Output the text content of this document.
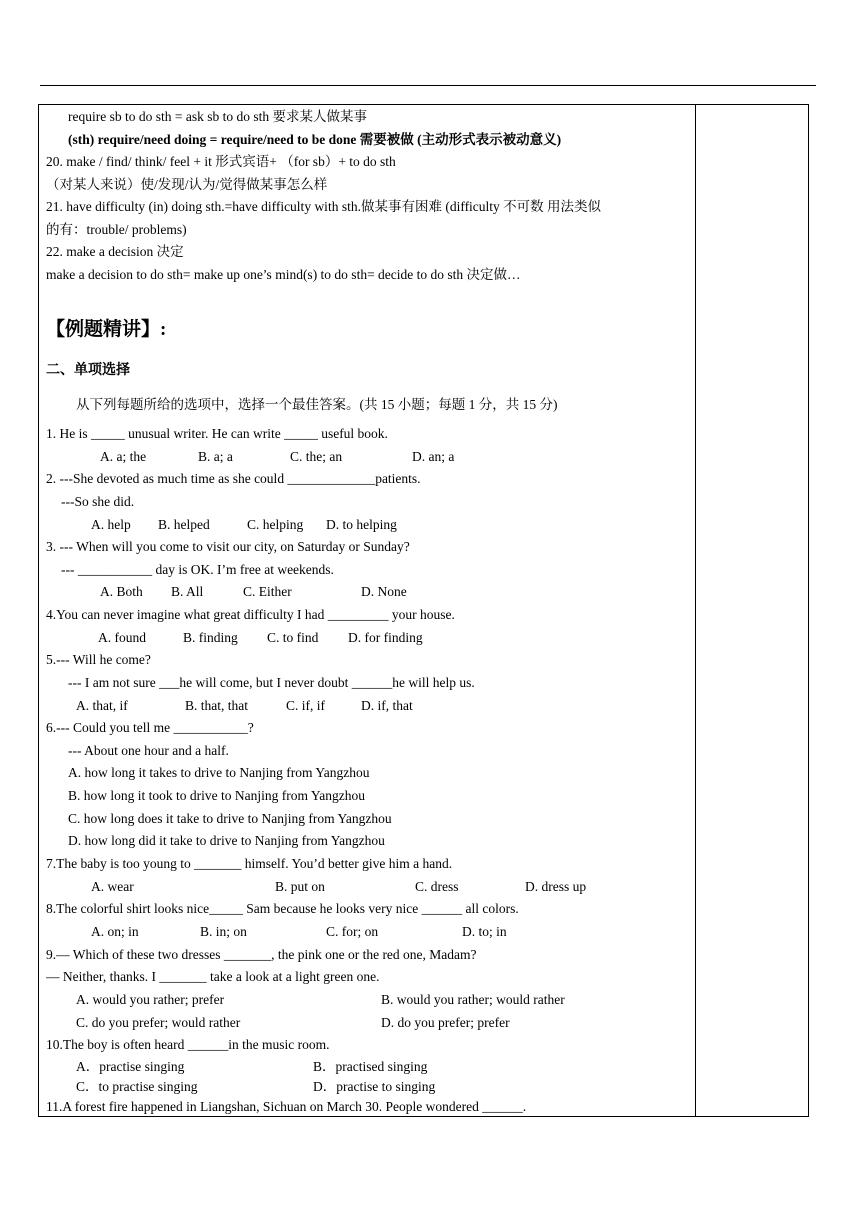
require sb to do sth = ask sb to do sth 要求某人做某事
(sth) require/need doing = require/need to be done 需要被做 (主动形式表示被动意义)
20. make / find/ think/ feel + it 形式宾语+ （for sb）+ to do sth
（对某人来说）使/发现/认为/觉得做某事怎么样
21. have difficulty (in) doing sth.=have difficulty with sth.做某事有困难 (difficulty 不可数 用法类似
的有：trouble/ problems)
22. make a decision 决定
make a decision to do sth= make up one’s mind(s) to do sth= decide to do sth 决定做…
【例题精讲】:
二、单项选择
从下列每题所给的选项中，选择一个最佳答案。(共 15 小题；每题 1 分，共 15 分)
1. He is _____ unusual writer. He can write _____ useful book.
A. a; the	B. a; a	C. the; an	D. an; a
2. ---She devoted as much time as she could _____________patients.
---So she did.
A. help B. helped	C. helping D. to helping
3. --- When will you come to visit our city, on Saturday or Sunday?
--- ___________ day is OK. I’m free at weekends.
A. Both B. All	C. Either	D. None
4.You can never imagine what great difficulty I had _________ your house.
A. found	B. finding C. to find D. for finding
5.--- Will he come?
--- I am not sure ___he will come, but I never doubt ______he will help us.
A. that, if	B. that, that	C. if, if	D. if, that
6.--- Could you tell me ___________?
--- About one hour and a half.
A. how long it takes to drive to Nanjing from Yangzhou
B. how long it took to drive to Nanjing from Yangzhou
C. how long does it take to drive to Nanjing from Yangzhou
D. how long did it take to drive to Nanjing from Yangzhou
7.The baby is too young to _______ himself. You’d better give him a hand.
A. wear	B. put on	C. dress	D. dress up
8.The colorful shirt looks nice_____ Sam because he looks very nice ______ all colors.
A. on; in	B. in; on	C. for; on	D. to; in
9.— Which of these two dresses _______, the pink one or the red one, Madam?
— Neither, thanks. I _______ take a look at a light green one.
A. would you rather; prefer	B. would you rather; would rather
C. do you prefer; would rather	D. do you prefer; prefer
10.The boy is often heard ______in the music room.
A．practise singing	B．practised singing
C．to practise singing	D．practise to singing
11.A forest fire happened in Liangshan, Sichuan on March 30. People wondered ______.
